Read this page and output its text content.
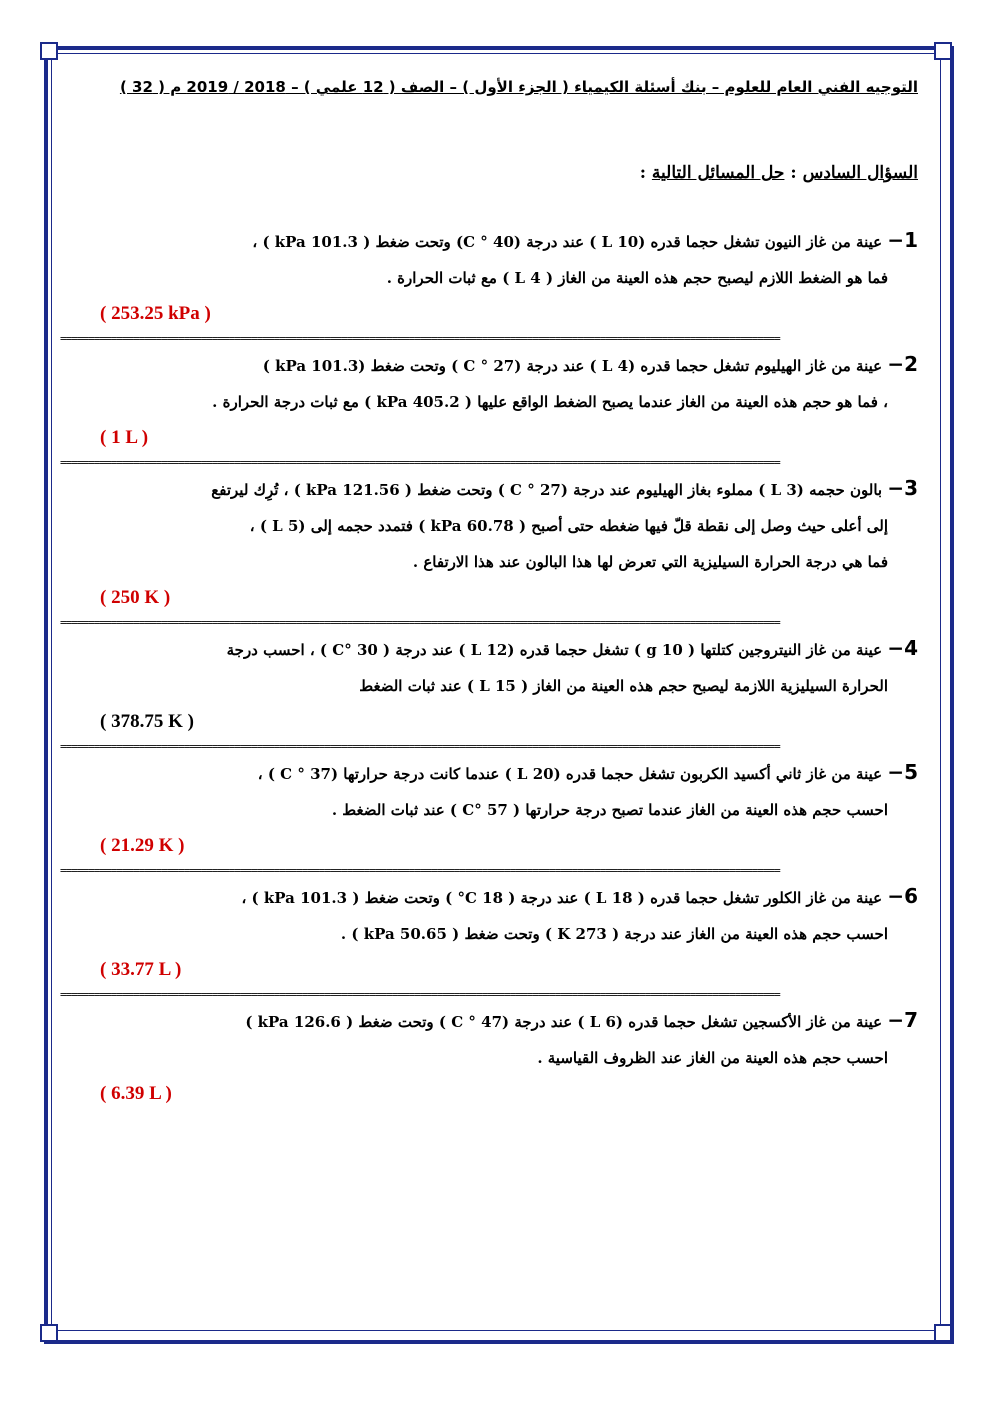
التوجيه الفني العام للعلوم – بنك أسئلة الكيمياء ( الجزء الأول ) – الصف ( 12 علمي ) – 2018 / 2019 م ( 32 )
السؤال السادس : حل المسائل التالية :
1− عينة من غاز النيون تشغل حجما قدره (10 L ) عند درجة (40 ° C) وتحت ضغط ( 101.3 kPa ) ،
فما هو الضغط اللازم ليصبح حجم هذه العينة من الغاز ( 4 L ) مع ثبات الحرارة .
( 253.25 kPa )
================================================================================================================================
2− عينة من غاز الهيليوم تشغل حجما قدره (4 L ) عند درجة (27 ° C ) وتحت ضغط (101.3 kPa )
، فما هو حجم هذه العينة من الغاز عندما يصبح الضغط الواقع عليها ( 405.2 kPa ) مع ثبات درجة الحرارة .
( 1 L )
================================================================================================================================
3− بالون حجمه (3 L ) مملوء بغاز الهيليوم عند درجة (27 ° C ) وتحت ضغط ( 121.56 kPa ) ، تُرِك ليرتفع
إلى أعلى حيث وصل إلى نقطة قلّ فيها ضغطه حتى أصبح ( 60.78 kPa ) فتمدد حجمه إلى (5 L ) ،
فما هي درجة الحرارة السيليزية التي تعرض لها هذا البالون عند هذا الارتفاع .
( 250 K )
================================================================================================================================
4− عينة من غاز النيتروجين كتلتها ( 10 g ) تشغل حجما قدره (12 L ) عند درجة ( 30 °C ) ، احسب درجة
الحرارة السيليزية اللازمة ليصبح حجم هذه العينة من الغاز ( 15 L ) عند ثبات الضغط
( 378.75 K )
================================================================================================================================
5− عينة من غاز ثاني أكسيد الكربون تشغل حجما قدره (20 L ) عندما كانت درجة حرارتها (37 ° C ) ،
احسب حجم هذه العينة من الغاز عندما تصبح درجة حرارتها ( 57 °C ) عند ثبات الضغط .
( 21.29 K )
================================================================================================================================
6− عينة من غاز الكلور تشغل حجما قدره ( 18 L ) عند درجة ( 18 C° ) وتحت ضغط ( 101.3 kPa ) ،
احسب حجم هذه العينة من الغاز عند درجة ( 273 K ) وتحت ضغط ( 50.65 kPa ) .
( 33.77 L )
================================================================================================================================
7− عينة من غاز الأكسجين تشغل حجما قدره (6 L ) عند درجة (47 ° C ) وتحت ضغط ( 126.6 kPa )
احسب حجم هذه العينة من الغاز عند الظروف القياسية .
( 6.39 L )
